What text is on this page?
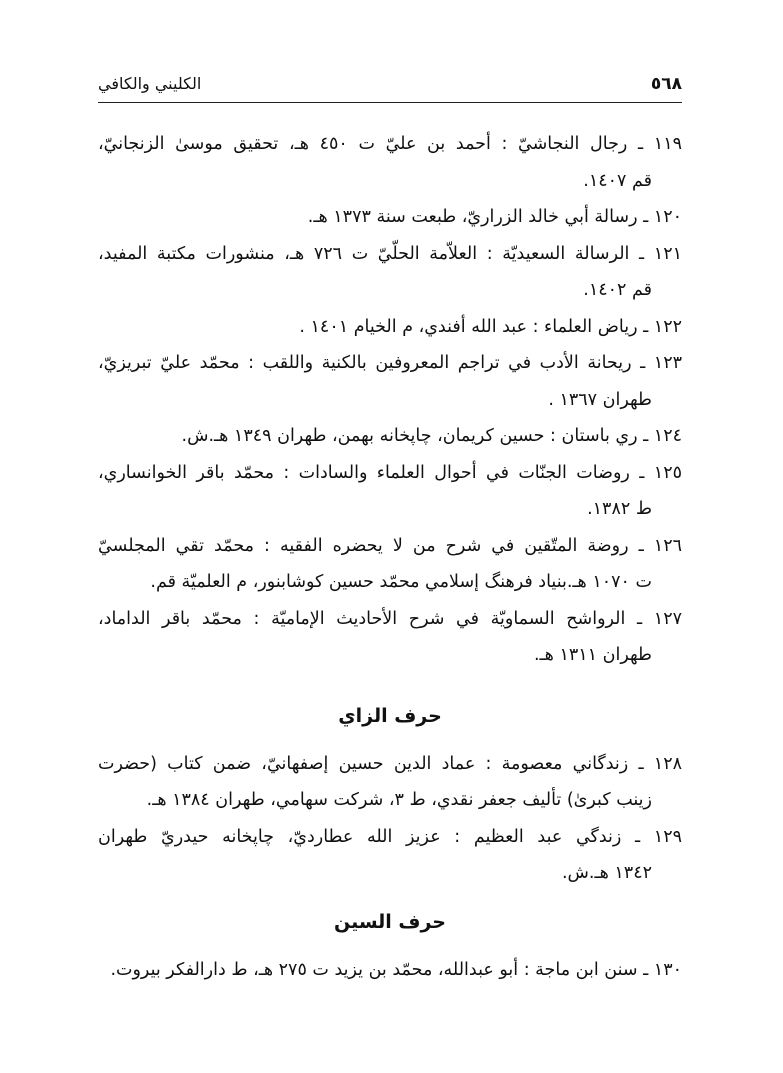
٥٦٨
الكليني والكافي

١١٩ ـ رجال النجاشيّ : أحمد بن عليّ ت ٤٥٠ هـ، تحقيق موسىٰ الزنجانيّ،
قم ١٤٠٧.

١٢٠ ـ رسالة أبي خالد الزراريّ، طبعت سنة ١٣٧٣ هـ.

١٢١ ـ الرسالة السعيديّة : العلاّمة الحلّيّ ت ٧٢٦ هـ، منشورات مكتبة المفيد،
قم ١٤٠٢.

١٢٢ ـ رياض العلماء : عبد الله أفندي، م الخيام ١٤٠١ .

١٢٣ ـ ريحانة الأدب في تراجم المعروفين بالكنية واللقب : محمّد عليّ تبريزيّ،
طهران ١٣٦٧ .

١٢٤ ـ ري باستان : حسين كريمان، چاپخانه بهمن، طهران ١٣٤٩ هـ.ش.

١٢٥ ـ روضات الجنّات في أحوال العلماء والسادات : محمّد باقر الخوانساري،
ط ١٣٨٢.

١٢٦ ـ روضة المتّقين في شرح من لا يحضره الفقيه : محمّد تقي المجلسيّ
ت ١٠٧٠ هـ.بنياد فرهنگ إسلامي محمّد حسين كوشابنور، م العلميّة قم.

١٢٧ ـ الرواشح السماويّة في شرح الأحاديث الإماميّة : محمّد باقر الداماد،
طهران ١٣١١ هـ.

حرف الزاي

١٢٨ ـ زندگاني معصومة : عماد الدين حسين إصفهانيّ، ضمن كتاب (حضرت
زينب كبرىٰ) تأليف جعفر نقدي، ط ٣، شركت سهامي، طهران ١٣٨٤ هـ.

١٢٩ ـ زندگي عبد العظيم : عزيز الله عطارديّ، چاپخانه حيدريّ طهران
١٣٤٢ هـ.ش.

حرف السين

١٣٠ ـ سنن ابن ماجة : أبو عبدالله، محمّد بن يزيد ت ٢٧٥ هـ، ط دارالفكر بيروت.
